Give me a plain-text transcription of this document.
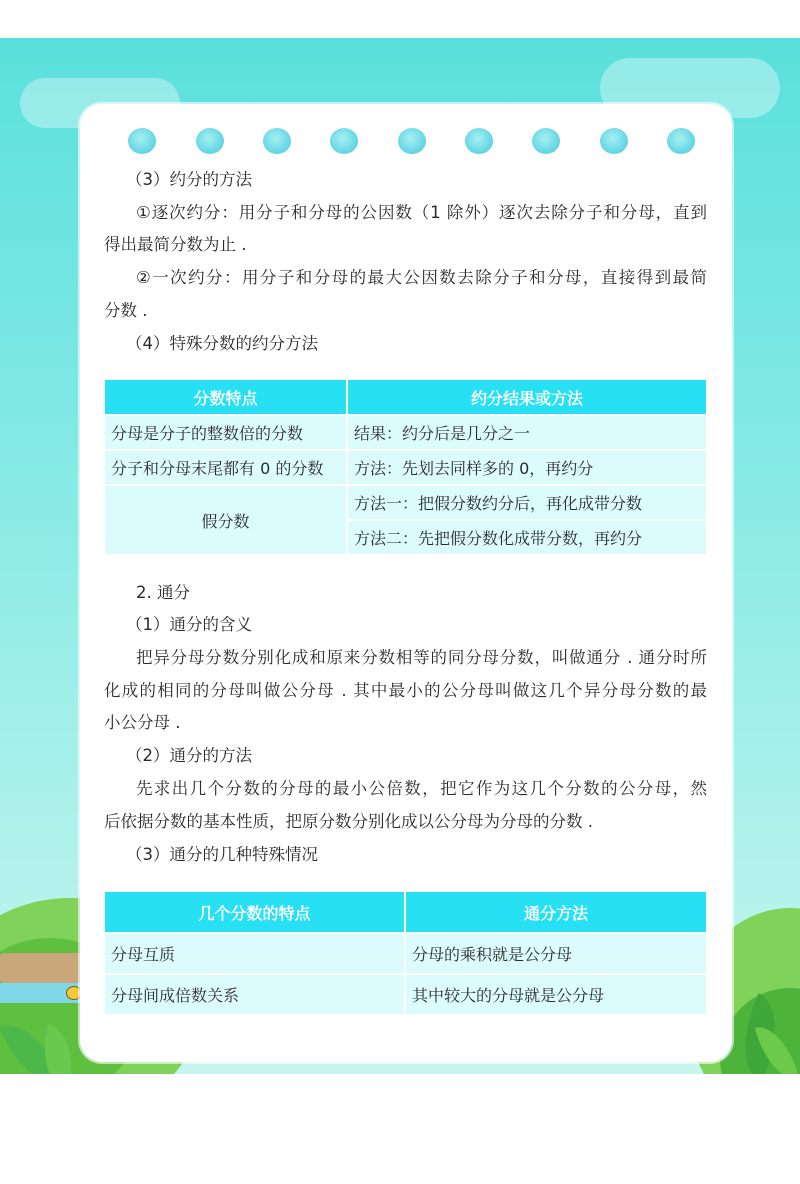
（3）约分的方法
①逐次约分：用分子和分母的公因数（1 除外）逐次去除分子和分母，直到
得出最简分数为止 .
②一次约分：用分子和分母的最大公因数去除分子和分母，直接得到最简
分数 .
（4）特殊分数的约分方法
分数特点	约分结果或方法
分母是分子的整数倍的分数	结果：约分后是几分之一
分子和分母末尾都有 0 的分数	方法：先划去同样多的 0，再约分
假分数	方法一：把假分数约分后，再化成带分数
	方法二：先把假分数化成带分数，再约分
2. 通分
（1）通分的含义
把异分母分数分别化成和原来分数相等的同分母分数，叫做通分 . 通分时所
化成的相同的分母叫做公分母 . 其中最小的公分母叫做这几个异分母分数的最
小公分母 .
（2）通分的方法
先求出几个分数的分母的最小公倍数，把它作为这几个分数的公分母，然
后依据分数的基本性质，把原分数分别化成以公分母为分母的分数 .
（3）通分的几种特殊情况
几个分数的特点	通分方法
分母互质	分母的乘积就是公分母
分母间成倍数关系	其中较大的分母就是公分母
